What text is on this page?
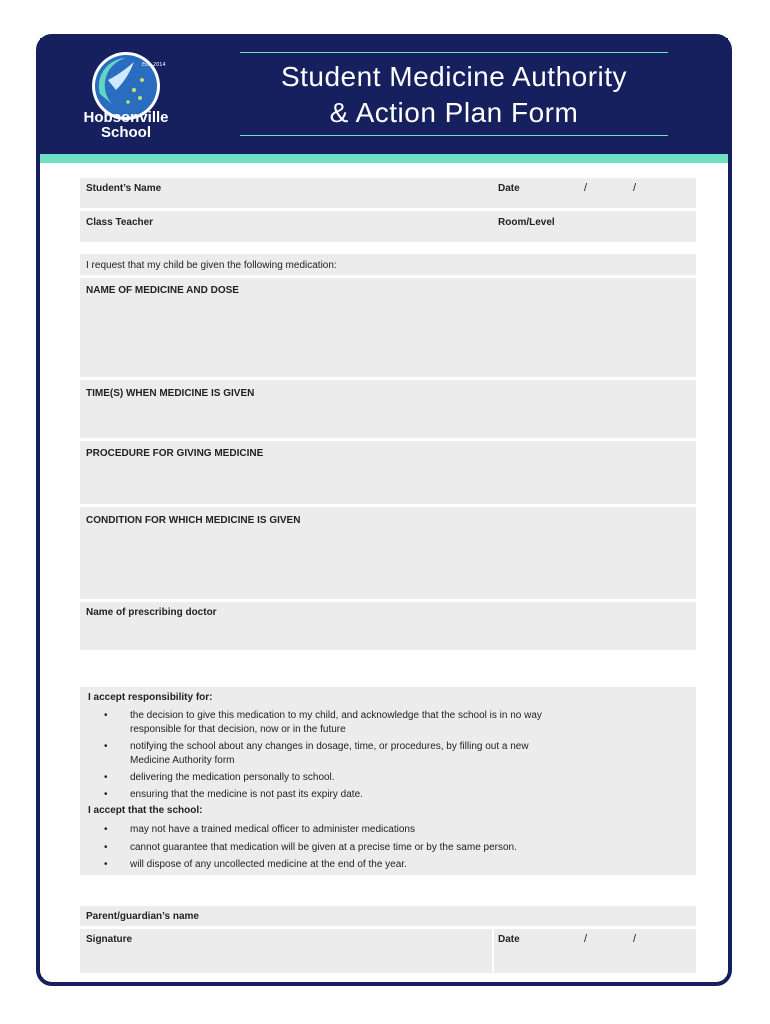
Est. 2014
Hobsonville
School
Student Medicine Authority
& Action Plan Form
Student’s Name	Date	/	/
Class Teacher	Room/Level
I request that my child be given the following medication:
NAME OF MEDICINE AND DOSE
TIME(S) WHEN MEDICINE IS GIVEN
PROCEDURE FOR GIVING MEDICINE
CONDITION FOR WHICH MEDICINE IS GIVEN
Name of prescribing doctor
I accept responsibility for:
• the decision to give this medication to my child, and acknowledge that the school is in no way
responsible for that decision, now or in the future
• notifying the school about any changes in dosage, time, or procedures, by filling out a new
Medicine Authority form
• delivering the medication personally to school.
• ensuring that the medicine is not past its expiry date.
I accept that the school:
• may not have a trained medical officer to administer medications
• cannot guarantee that medication will be given at a precise time or by the same person.
• will dispose of any uncollected medicine at the end of the year.
Parent/guardian’s name
Signature	Date	/	/
